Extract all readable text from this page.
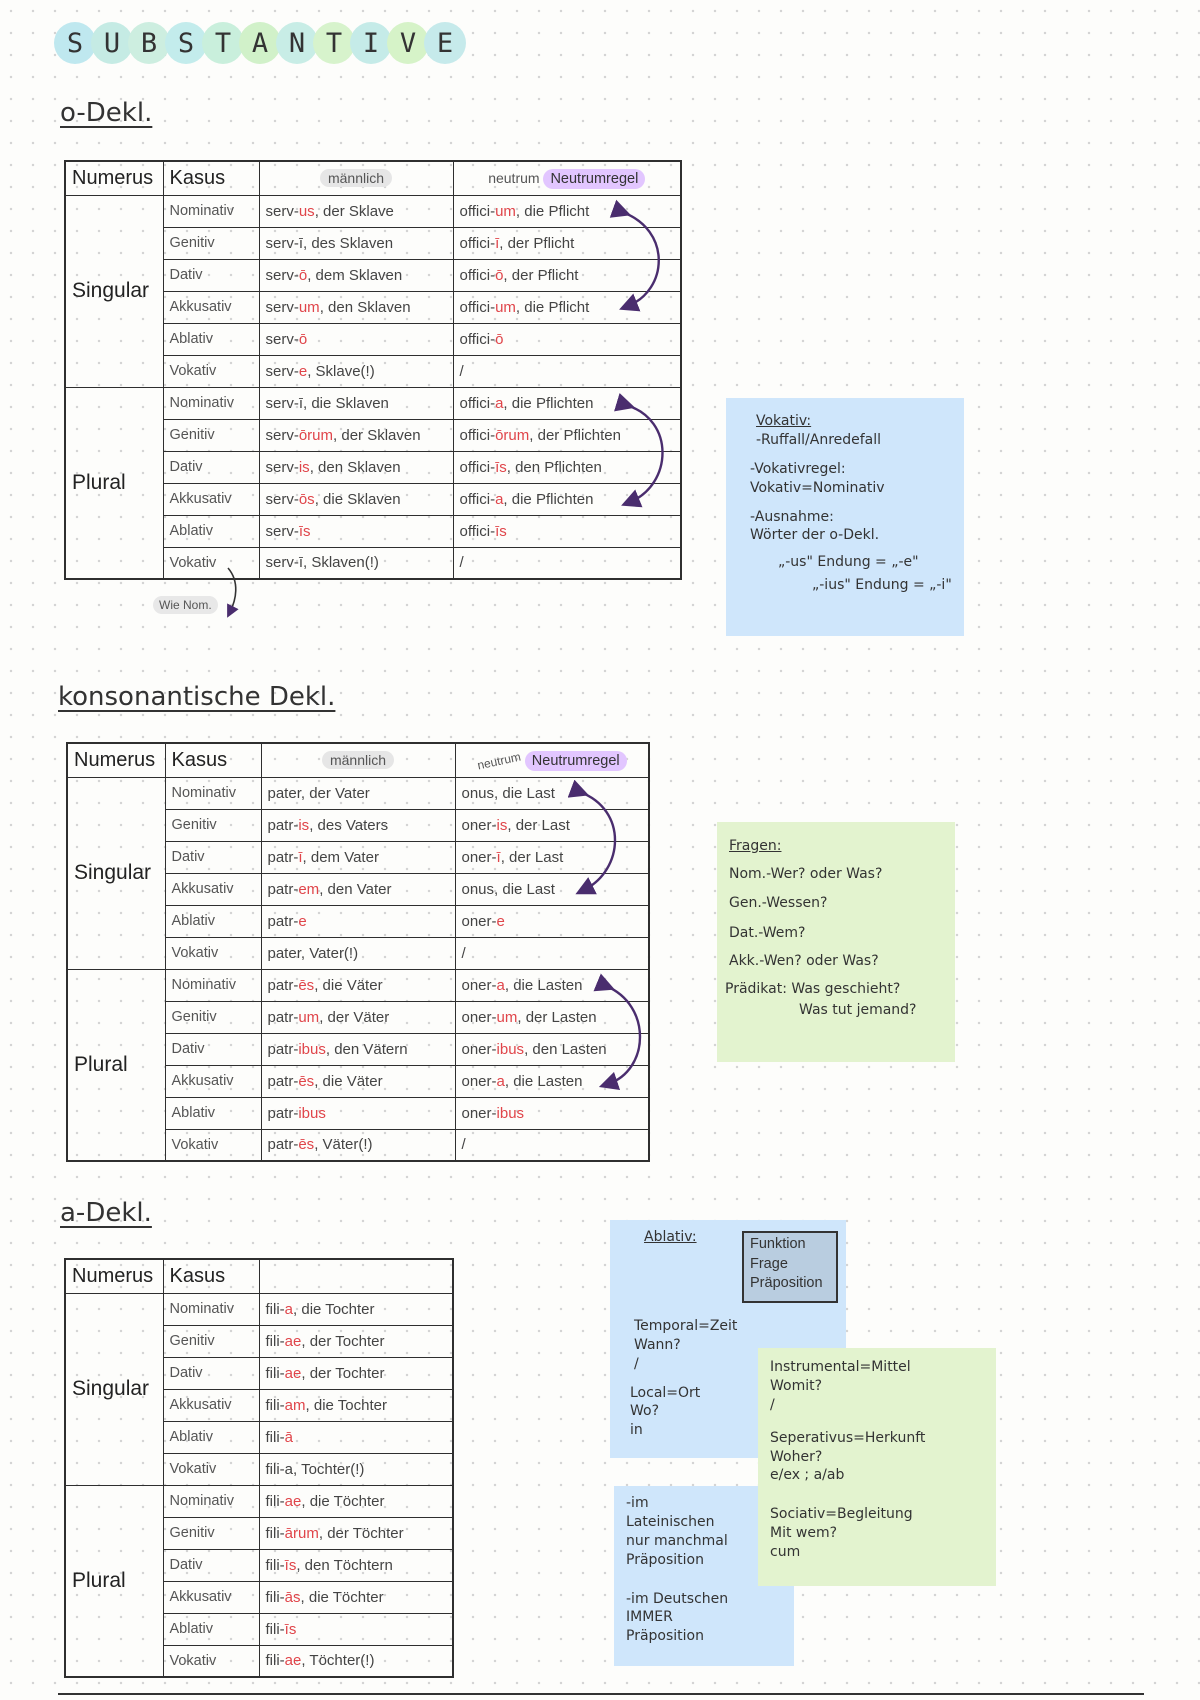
S U B S T A N T I V E
o-Dekl.
konsonantische Dekl.
a-Dekl.
Numerus	Kasus	männlich	neutrum Neutrumregel
Singular	Nominativ	serv-us, der Sklave	offici-um, die Pflicht
	Genitiv	serv-ī, des Sklaven	offici-ī, der Pflicht
	Dativ	serv-ō, dem Sklaven	offici-ō, der Pflicht
	Akkusativ	serv-um, den Sklaven	offici-um, die Pflicht
	Ablativ	serv-ō	offici-ō
	Vokativ	serv-e, Sklave(!)	/
Plural	Nominativ	serv-ī, die Sklaven	offici-a, die Pflichten
	Genitiv	serv-ōrum, der Sklaven	offici-ōrum, der Pflichten
	Dativ	serv-is, den Sklaven	offici-īs, den Pflichten
	Akkusativ	serv-ōs, die Sklaven	offici-a, die Pflichten
	Ablativ	serv-īs	offici-īs
	Vokativ	serv-ī, Sklaven(!)	/
Wie Nom.
Numerus	Kasus	männlich	neutrum Neutrumregel
Singular	Nominativ	pater, der Vater	onus, die Last
	Genitiv	patr-is, des Vaters	oner-is, der Last
	Dativ	patr-ī, dem Vater	oner-ī, der Last
	Akkusativ	patr-em, den Vater	onus, die Last
	Ablativ	patr-e	oner-e
	Vokativ	pater, Vater(!)	/
Plural	Nominativ	patr-ēs, die Väter	oner-a, die Lasten
	Genitiv	patr-um, der Väter	oner-um, der Lasten
	Dativ	patr-ibus, den Vätern	oner-ibus, den Lasten
	Akkusativ	patr-ēs, die Väter	oner-a, die Lasten
	Ablativ	patr-ibus	oner-ibus
	Vokativ	patr-ēs, Väter(!)	/
Numerus	Kasus	
Singular	Nominativ	fili-a, die Tochter
	Genitiv	fili-ae, der Tochter
	Dativ	fili-ae, der Tochter
	Akkusativ	fili-am, die Tochter
	Ablativ	fili-ā
	Vokativ	fili-a, Tochter(!)
Plural	Nominativ	fili-ae, die Töchter
	Genitiv	fili-ārum, der Töchter
	Dativ	fili-īs, den Töchtern
	Akkusativ	fili-ās, die Töchter
	Ablativ	fili-īs
	Vokativ	fili-ae, Töchter(!)

Vokativ:

-Ruffall/Anredefall

-Vokativregel:

Vokativ=Nominativ

-Ausnahme:

Wörter der o-Dekl.

„-us" Endung = „-e"

„-ius" Endung = „-i"

Fragen:

Nom.-Wer? oder Was?

Gen.-Wessen?

Dat.-Wem?

Akk.-Wen? oder Was?

Prädikat: Was geschieht?

Was tut jemand?

Ablativ:

Temporal=Zeit

Wann?

/

Local=Ort

Wo?

in

Funktion
Frage
Präposition

-im

Lateinischen

nur manchmal

Präposition

-im Deutschen

IMMER

Präposition

Instrumental=Mittel

Womit?

/

Seperativus=Herkunft

Woher?

e/ex ; a/ab

Sociativ=Begleitung

Mit wem?

cum
